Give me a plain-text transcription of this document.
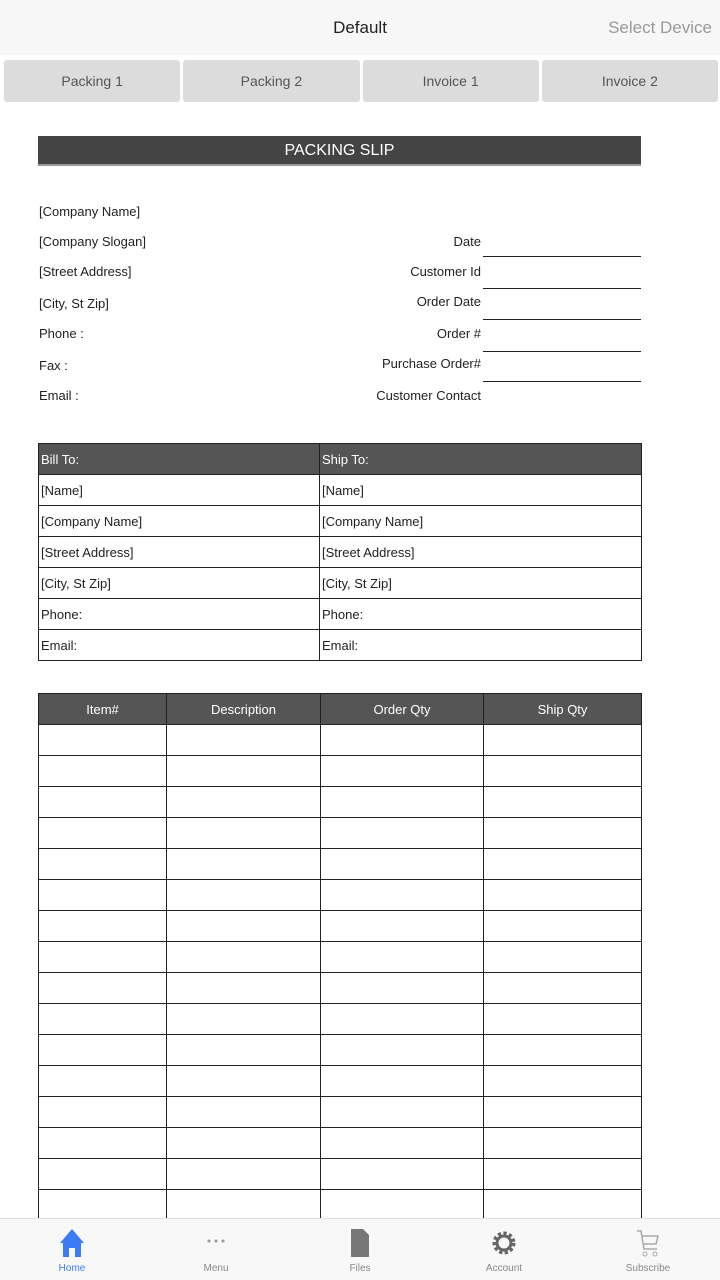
Default	Select Device
Packing 1	Packing 2	Invoice 1	Invoice 2
PACKING SLIP
[Company Name]
[Company Slogan]
[Street Address]
[City, St Zip]
Phone :
Fax :
Email :
Date
Customer Id
Order Date
Order #
Purchase Order#
Customer Contact
Bill To:	Ship To:
[Name]	[Name]
[Company Name]	[Company Name]
[Street Address]	[Street Address]
[City, St Zip]	[City, St Zip]
Phone:	Phone:
Email:	Email:
Item#	Description	Order Qty	Ship Qty

Home	Menu	Files	Account	Subscribe
